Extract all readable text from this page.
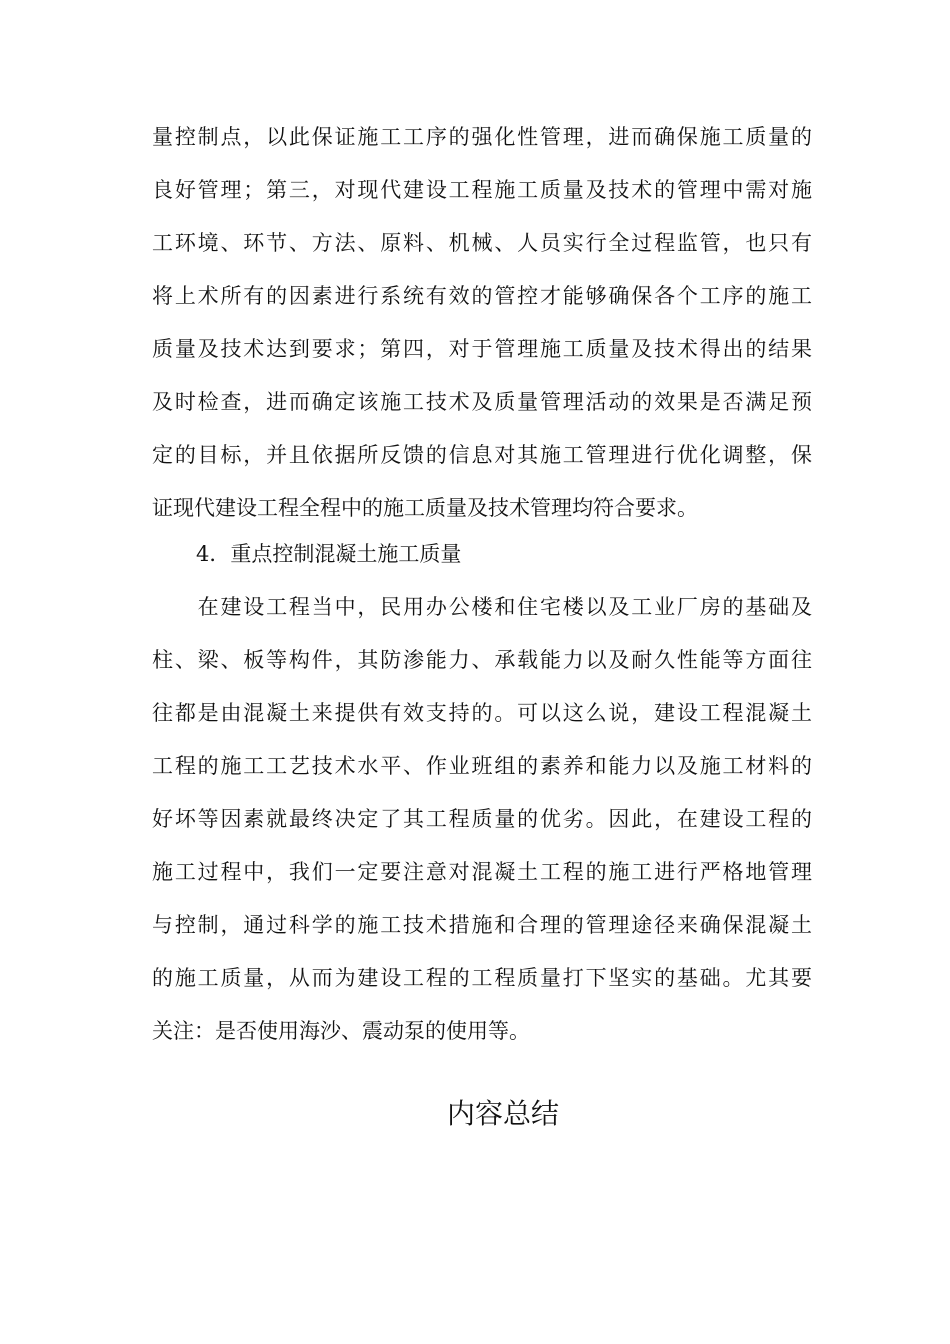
量控制点，以此保证施工工序的强化性管理，进而确保施工质量的
良好管理；第三，对现代建设工程施工质量及技术的管理中需对施
工环境、环节、方法、原料、机械、人员实行全过程监管，也只有
将上术所有的因素进行系统有效的管控才能够确保各个工序的施工
质量及技术达到要求；第四，对于管理施工质量及技术得出的结果
及时检查，进而确定该施工技术及质量管理活动的效果是否满足预
定的目标，并且依据所反馈的信息对其施工管理进行优化调整，保
证现代建设工程全程中的施工质量及技术管理均符合要求。
4．重点控制混凝土施工质量
　　在建设工程当中，民用办公楼和住宅楼以及工业厂房的基础及
柱、梁、板等构件，其防渗能力、承载能力以及耐久性能等方面往
往都是由混凝土来提供有效支持的。可以这么说，建设工程混凝土
工程的施工工艺技术水平、作业班组的素养和能力以及施工材料的
好坏等因素就最终决定了其工程质量的优劣。因此，在建设工程的
施工过程中，我们一定要注意对混凝土工程的施工进行严格地管理
与控制，通过科学的施工技术措施和合理的管理途径来确保混凝土
的施工质量，从而为建设工程的工程质量打下坚实的基础。尤其要
关注：是否使用海沙、震动泵的使用等。
内容总结
